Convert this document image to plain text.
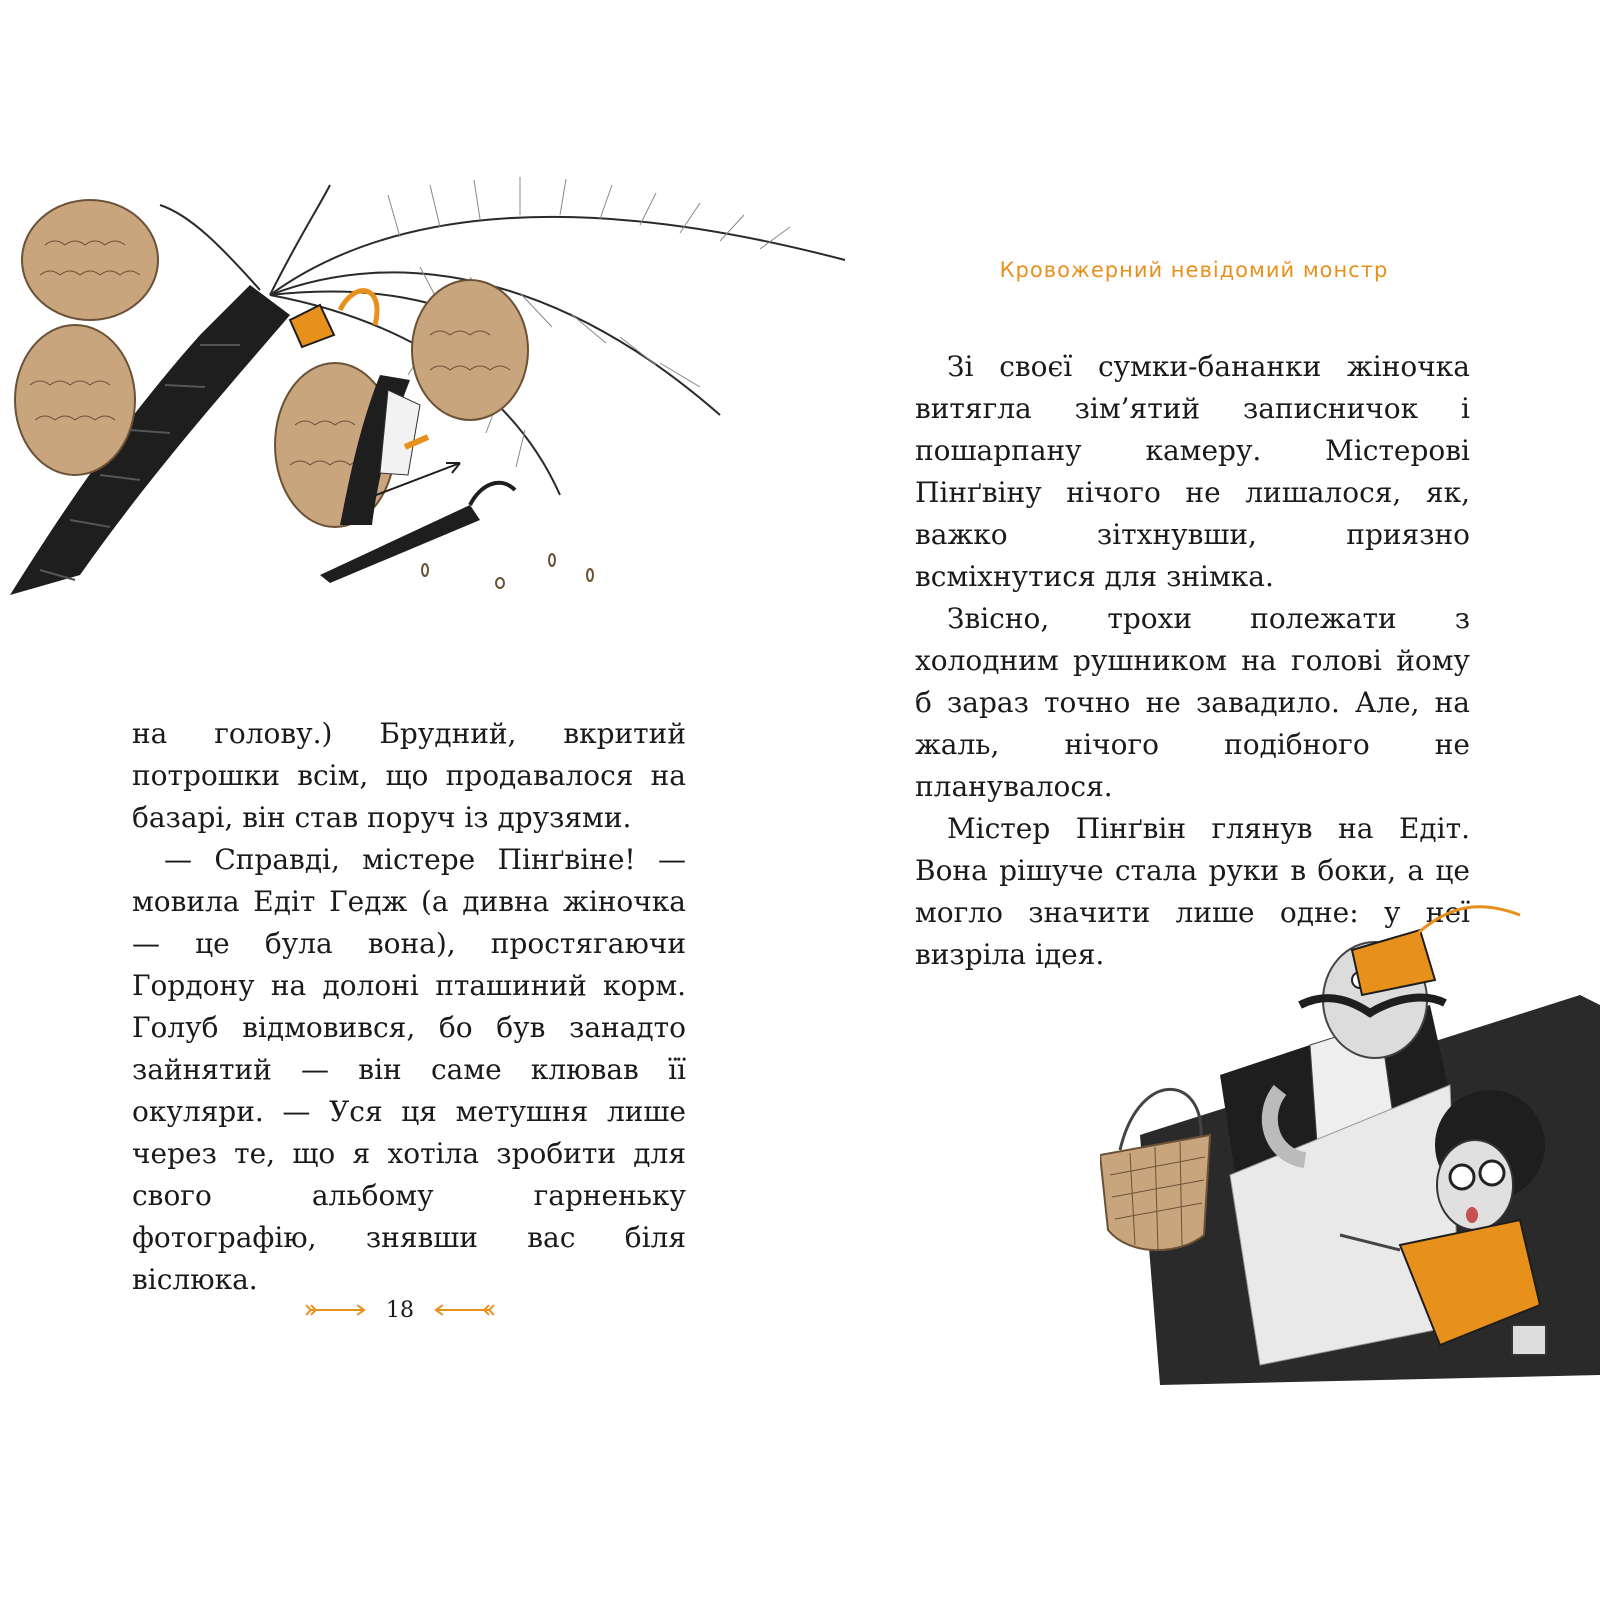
на голову.) Брудний, вкритий потрошки всім, що продавалося на базарі, він став поруч із друзями.

— Справді, містере Пінґвіне! — мовила Едіт Гедж (а дивна жіночка — це була вона), простягаючи Гордону на долоні пташиний корм. Голуб відмовився, бо був занадто зайнятий — він саме клював її окуляри. — Уся ця метушня лише через те, що я хотіла зробити для свого альбому гарненьку фотографію, знявши вас біля віслюка.

18
Кровожерний невідомий монстр

Зі своєї сумки-бананки жіночка витягла зім’ятий записничок і пошарпану камеру. Містерові Пінґвіну нічого не лишалося, як, важко зітхнувши, приязно всміхнутися для знімка.

Звісно, трохи полежати з холодним рушником на голові йому б зараз точно не завадило. Але, на жаль, нічого подібного не планувалося.

Містер Пінґвін глянув на Едіт. Вона рішуче стала руки в боки, а це могло значити лише одне: у неї визріла ідея.
